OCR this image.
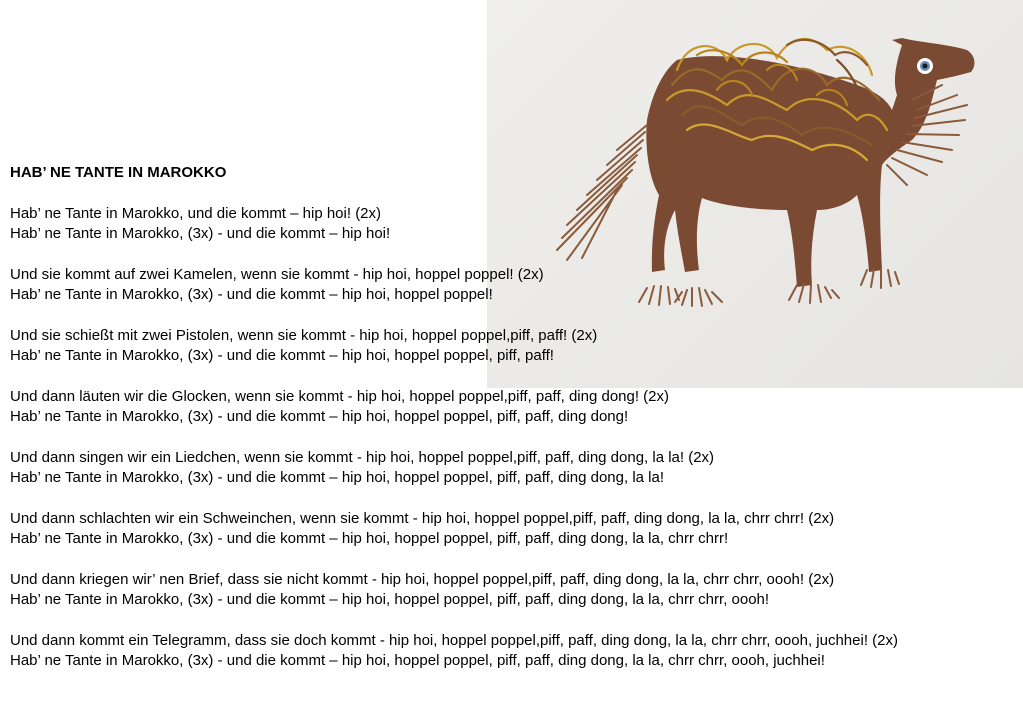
HAB’ NE TANTE IN MAROKKO

Hab’ ne Tante in Marokko, und die kommt – hip hoi! (2x)
Hab’ ne Tante in Marokko, (3x) - und die kommt – hip hoi!
Und sie kommt auf zwei Kamelen, wenn sie kommt - hip hoi, hoppel poppel! (2x)
Hab’ ne Tante in Marokko, (3x) - und die kommt – hip hoi, hoppel poppel!
Und sie schießt mit zwei Pistolen, wenn sie kommt - hip hoi, hoppel poppel,piff, paff! (2x)
Hab’ ne Tante in Marokko, (3x) - und die kommt – hip hoi, hoppel poppel, piff, paff!
Und dann läuten wir die Glocken, wenn sie kommt - hip hoi, hoppel poppel,piff, paff, ding dong! (2x)
Hab’ ne Tante in Marokko, (3x) - und die kommt – hip hoi, hoppel poppel, piff, paff, ding dong!
Und dann singen wir ein Liedchen, wenn sie kommt - hip hoi, hoppel poppel,piff, paff, ding dong, la la! (2x)
Hab’ ne Tante in Marokko, (3x) - und die kommt – hip hoi, hoppel poppel, piff, paff, ding dong, la la!
Und dann schlachten wir ein Schweinchen, wenn sie kommt - hip hoi, hoppel poppel,piff, paff, ding dong, la la, chrr chrr! (2x)
Hab’ ne Tante in Marokko, (3x) - und die kommt – hip hoi, hoppel poppel, piff, paff, ding dong, la la, chrr chrr!
Und dann kriegen wir’ nen Brief, dass sie nicht kommt - hip hoi, hoppel poppel,piff, paff, ding dong, la la, chrr chrr, oooh! (2x)
Hab’ ne Tante in Marokko, (3x) - und die kommt – hip hoi, hoppel poppel, piff, paff, ding dong, la la, chrr chrr, oooh!
Und dann kommt ein Telegramm, dass sie doch kommt - hip hoi, hoppel poppel,piff, paff, ding dong, la la, chrr chrr, oooh, juchhei! (2x)
Hab’ ne Tante in Marokko, (3x) - und die kommt – hip hoi, hoppel poppel, piff, paff, ding dong, la la, chrr chrr, oooh, juchhei!
